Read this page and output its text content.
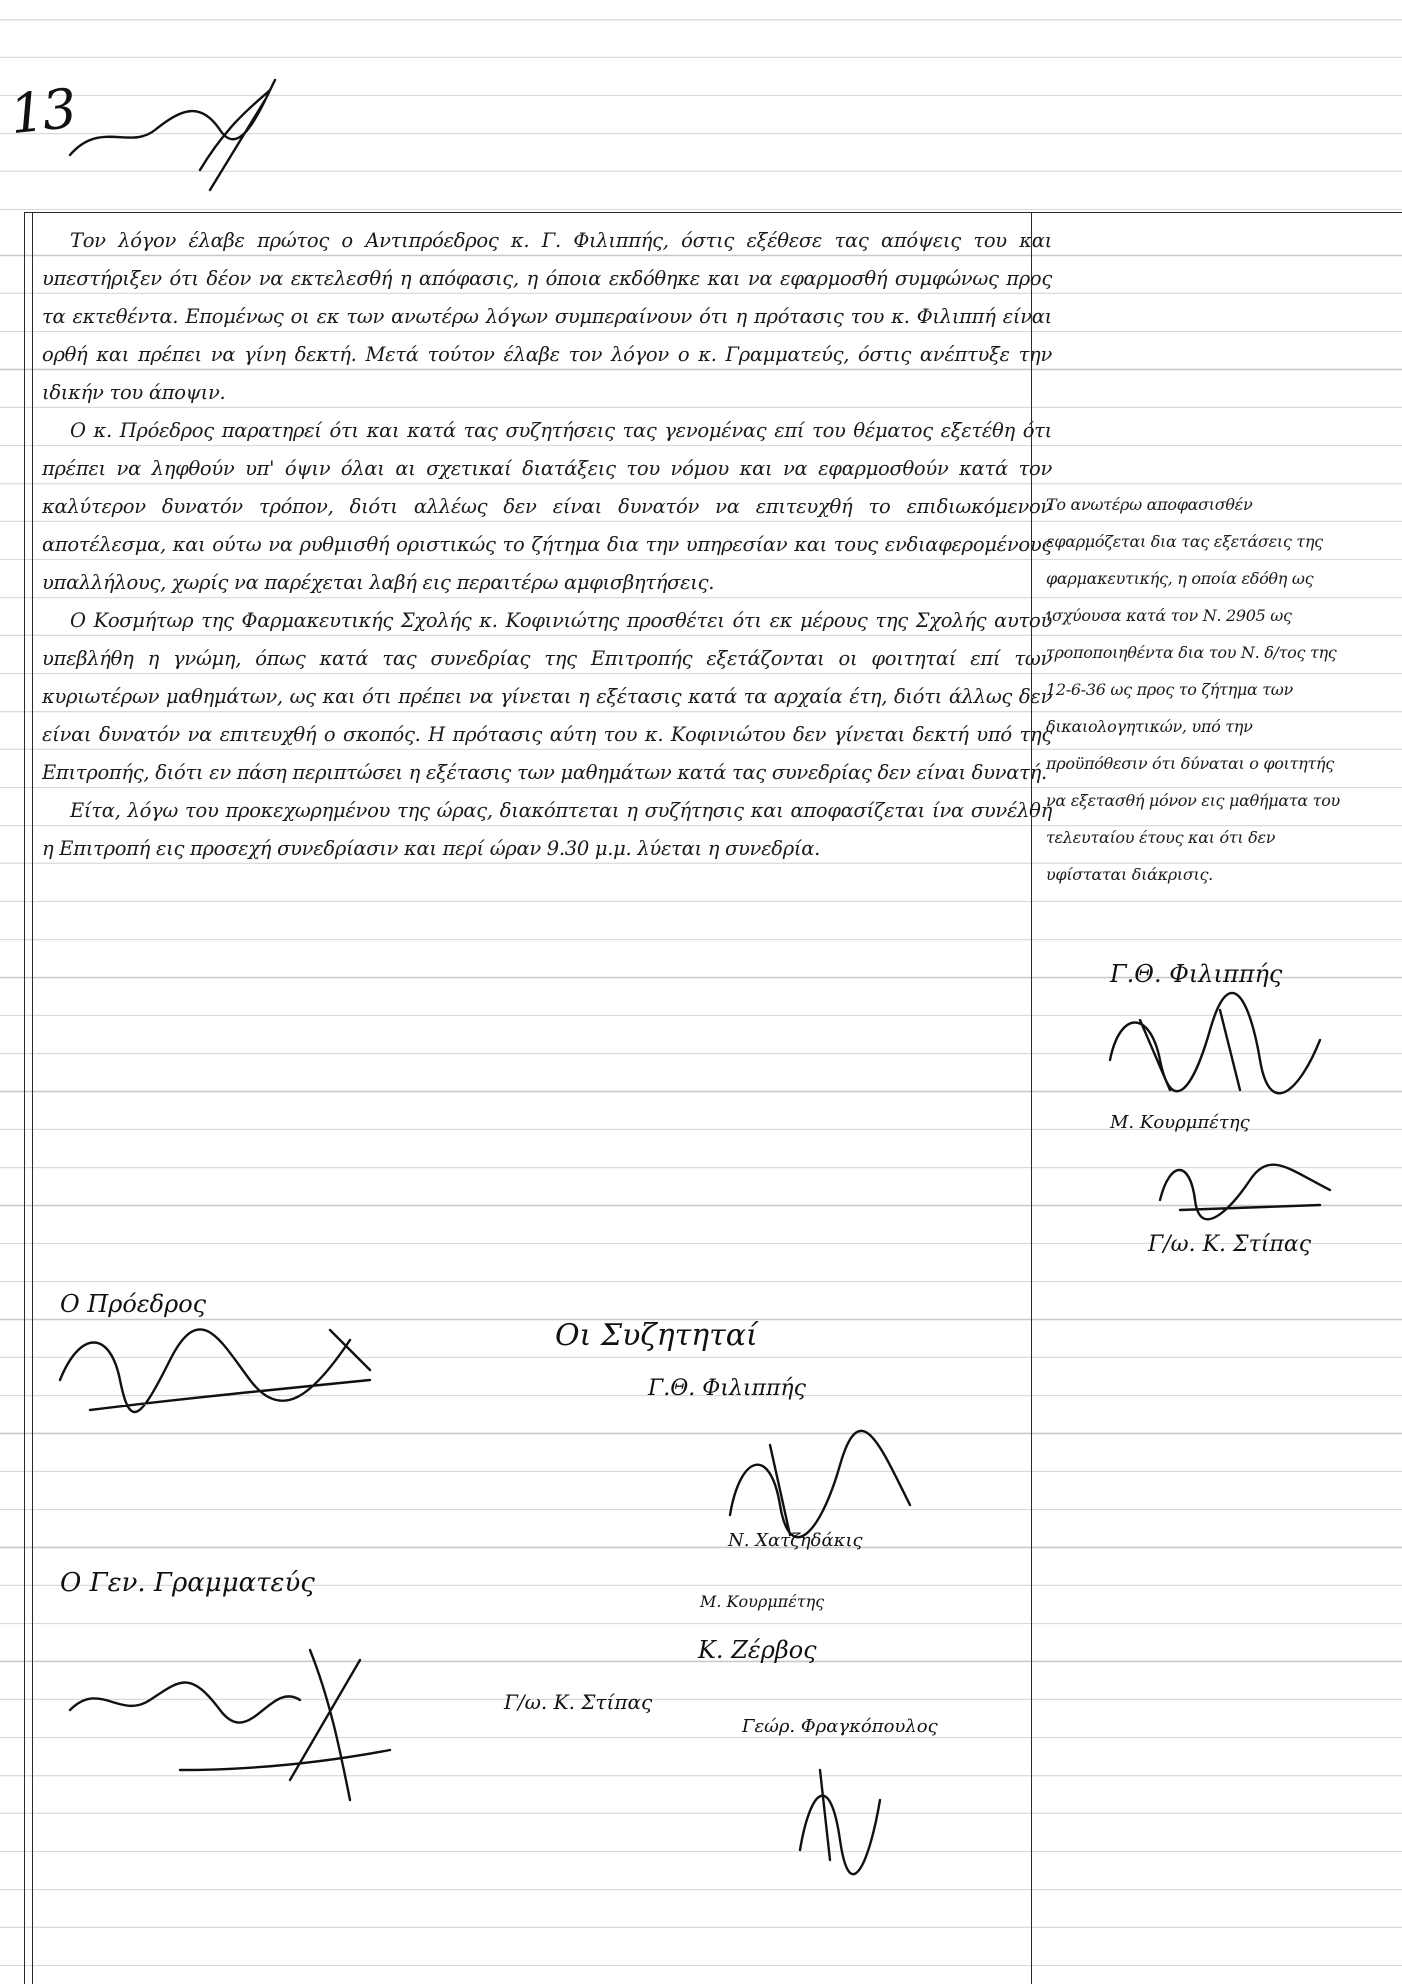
13

Τον λόγον έλαβε πρώτος ο Αντιπρόεδρος κ. Γ. Φιλιππής, όστις εξέθεσε τας απόψεις του και υπεστήριξεν ότι δέον να εκτελεσθή η απόφασις, η όποια εκδόθηκε και να εφαρμοσθή συμφώνως προς τα εκτεθέντα. Επομένως οι εκ των ανωτέρω λόγων συμπεραίνουν ότι η πρότασις του κ. Φιλιππή είναι ορθή και πρέπει να γίνη δεκτή. Μετά τούτον έλαβε τον λόγον ο κ. Γραμματεύς, όστις ανέπτυξε την ιδικήν του άποψιν.

Ο κ. Πρόεδρος παρατηρεί ότι και κατά τας συζητήσεις τας γενομένας επί του θέματος εξετέθη ότι πρέπει να ληφθούν υπ' όψιν όλαι αι σχετικαί διατάξεις του νόμου και να εφαρμοσθούν κατά τον καλύτερον δυνατόν τρόπον, διότι αλλέως δεν είναι δυνατόν να επιτευχθή το επιδιωκόμενον αποτέλεσμα, και ούτω να ρυθμισθή οριστικώς το ζήτημα δια την υπηρεσίαν και τους ενδιαφερομένους υπαλλήλους, χωρίς να παρέχεται λαβή εις περαιτέρω αμφισβητήσεις.

Ο Κοσμήτωρ της Φαρμακευτικής Σχολής κ. Κοφινιώτης προσθέτει ότι εκ μέρους της Σχολής αυτού υπεβλήθη η γνώμη, όπως κατά τας συνεδρίας της Επιτροπής εξετάζονται οι φοιτηταί επί των κυριωτέρων μαθημάτων, ως και ότι πρέπει να γίνεται η εξέτασις κατά τα αρχαία έτη, διότι άλλως δεν είναι δυνατόν να επιτευχθή ο σκοπός. Η πρότασις αύτη του κ. Κοφινιώτου δεν γίνεται δεκτή υπό της Επιτροπής, διότι εν πάση περιπτώσει η εξέτασις των μαθημάτων κατά τας συνεδρίας δεν είναι δυνατή.

Είτα, λόγω του προκεχωρημένου της ώρας, διακόπτεται η συζήτησις και αποφασίζεται ίνα συνέλθη η Επιτροπή εις προσεχή συνεδρίασιν και περί ώραν 9.30 μ.μ. λύεται η συνεδρία.

Το ανωτέρω αποφασισθέν εφαρμόζεται δια τας εξετάσεις της φαρμακευτικής, η οποία εδόθη ως ισχύουσα κατά τον Ν. 2905 ως τροποποιηθέντα δια του Ν. δ/τος της 12-6-36 ως προς το ζήτημα των δικαιολογητικών, υπό την προϋπόθεσιν ότι δύναται ο φοιτητής να εξετασθή μόνον εις μαθήματα του τελευταίου έτους και ότι δεν υφίσταται διάκρισις.
Γ.Θ. Φιλιππής
Μ. Κουρμπέτης
Γ/ω. Κ. Στίπας
Ο Πρόεδρος
Ο Γεν. Γραμματεύς
Οι Συζητηταί
Γ.Θ. Φιλιππής
Ν. Χατζηδάκις
Μ. Κουρμπέτης
Κ. Ζέρβος
Γ/ω. Κ. Στίπας
Γεώρ. Φραγκόπουλος
